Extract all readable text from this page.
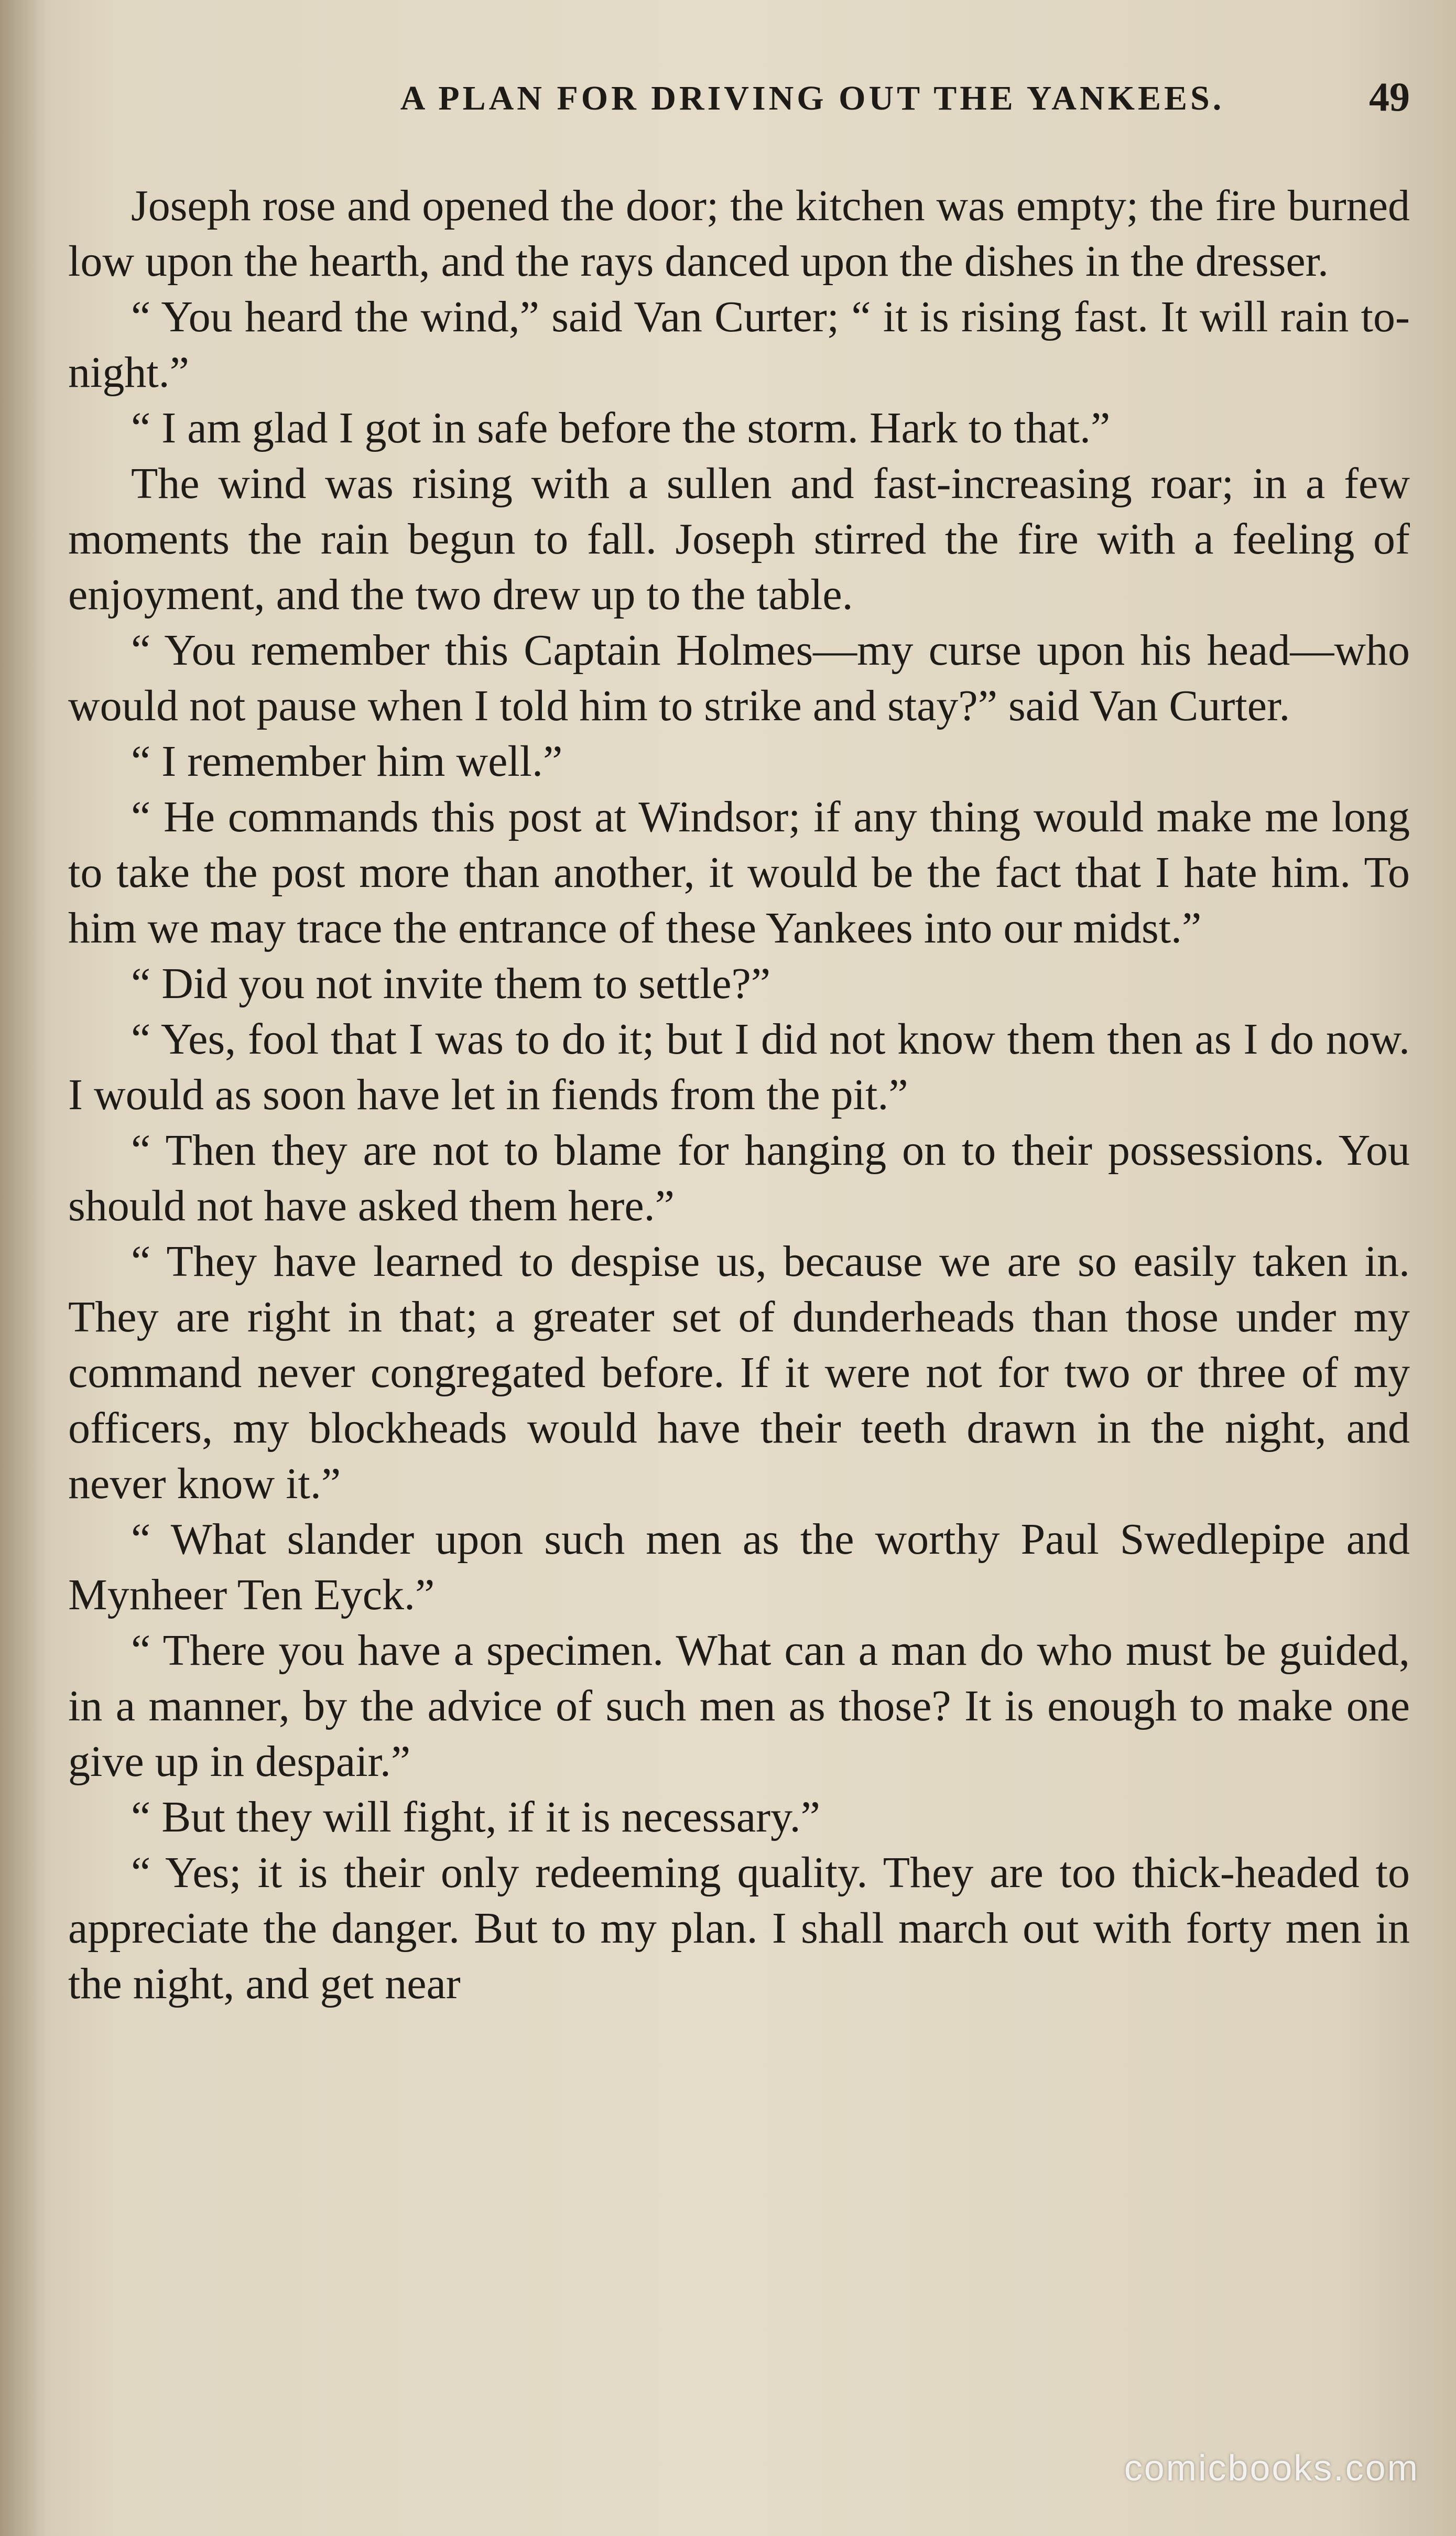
A PLAN FOR DRIVING OUT THE YANKEES.	49

Joseph rose and opened the door; the kitchen was empty; the fire burned low upon the hearth, and the rays danced upon the dishes in the dresser.

“ You heard the wind,” said Van Curter; “ it is rising fast. It will rain to-night.”

“ I am glad I got in safe before the storm. Hark to that.”

The wind was rising with a sullen and fast-increasing roar; in a few moments the rain begun to fall. Joseph stirred the fire with a feeling of enjoyment, and the two drew up to the table.

“ You remember this Captain Holmes—my curse upon his head—who would not pause when I told him to strike and stay?” said Van Curter.

“ I remember him well.”

“ He commands this post at Windsor; if any thing would make me long to take the post more than another, it would be the fact that I hate him. To him we may trace the entrance of these Yankees into our midst.”

“ Did you not invite them to settle?”

“ Yes, fool that I was to do it; but I did not know them then as I do now. I would as soon have let in fiends from the pit.”

“ Then they are not to blame for hanging on to their possessions. You should not have asked them here.”

“ They have learned to despise us, because we are so easily taken in. They are right in that; a greater set of dunderheads than those under my command never congregated before. If it were not for two or three of my officers, my blockheads would have their teeth drawn in the night, and never know it.”

“ What slander upon such men as the worthy Paul Swedlepipe and Mynheer Ten Eyck.”

“ There you have a specimen. What can a man do who must be guided, in a manner, by the advice of such men as those? It is enough to make one give up in despair.”

“ But they will fight, if it is necessary.”

“ Yes; it is their only redeeming quality. They are too thick-headed to appreciate the danger. But to my plan. I shall march out with forty men in the night, and get near

comicbooks.com
